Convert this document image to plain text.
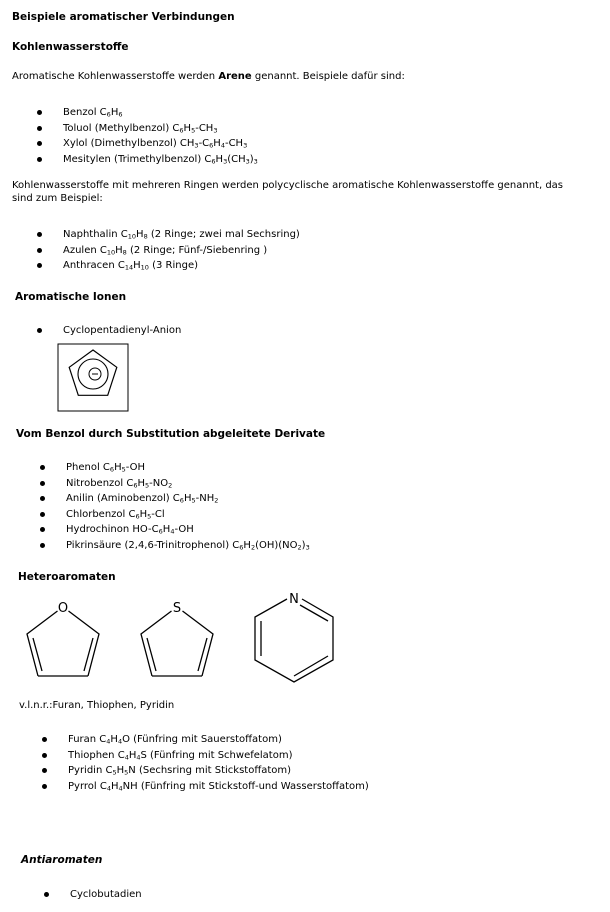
Beispiele aromatischer Verbindungen
Kohlenwasserstoffe
Aromatische Kohlenwasserstoffe werden Arene genannt. Beispiele dafür sind:
Benzol $C_6H_6$
Toluol (Methylbenzol) $C_6H_5-CH_3$
Xylol (Dimethylbenzol) $CH_3-C_6H_4-CH_3$
Mesitylen (Trimethylbenzol) $C_6H_3(CH_3)_3$
Kohlenwasserstoffe mit mehreren Ringen werden polycyclische aromatische Kohlenwasserstoffe genannt, das
sind zum Beispiel:
Naphthalin $C_{10}H_8$ (2 Ringe; zwei mal Sechsring)
Azulen $C_{10}H_8$ (2 Ringe; Fünf-/Siebenring )
Anthracen $C_{14}H_{10}$ (3 Ringe)
Aromatische Ionen
Cyclopentadienyl-Anion
Vom Benzol durch Substitution abgeleitete Derivate
Phenol $C_6H_5-OH$
Nitrobenzol $C_6H_5-NO_2$
Anilin (Aminobenzol) $C_6H_5-NH_2$
Chlorbenzol $C_6H_5-Cl$
Hydrochinon $HO-C_6H_4-OH$
Pikrinsäure (2,4,6-Trinitrophenol) $C_6H_2(OH)(NO_2)_3$
Heteroaromaten
O	S
N
v.l.n.r.:Furan, Thiophen, Pyridin
Furan $C_4H_4O$ (Fünfring mit Sauerstoffatom)
Thiophen $C_4H_4S$ (Fünfring mit Schwefelatom)
Pyridin $C_5H_5N$ (Sechsring mit Stickstoffatom)
Pyrrol $C_4H_4NH$ (Fünfring mit Stickstoff-und Wasserstoffatom)
Antiaromaten
Cyclobutadien
